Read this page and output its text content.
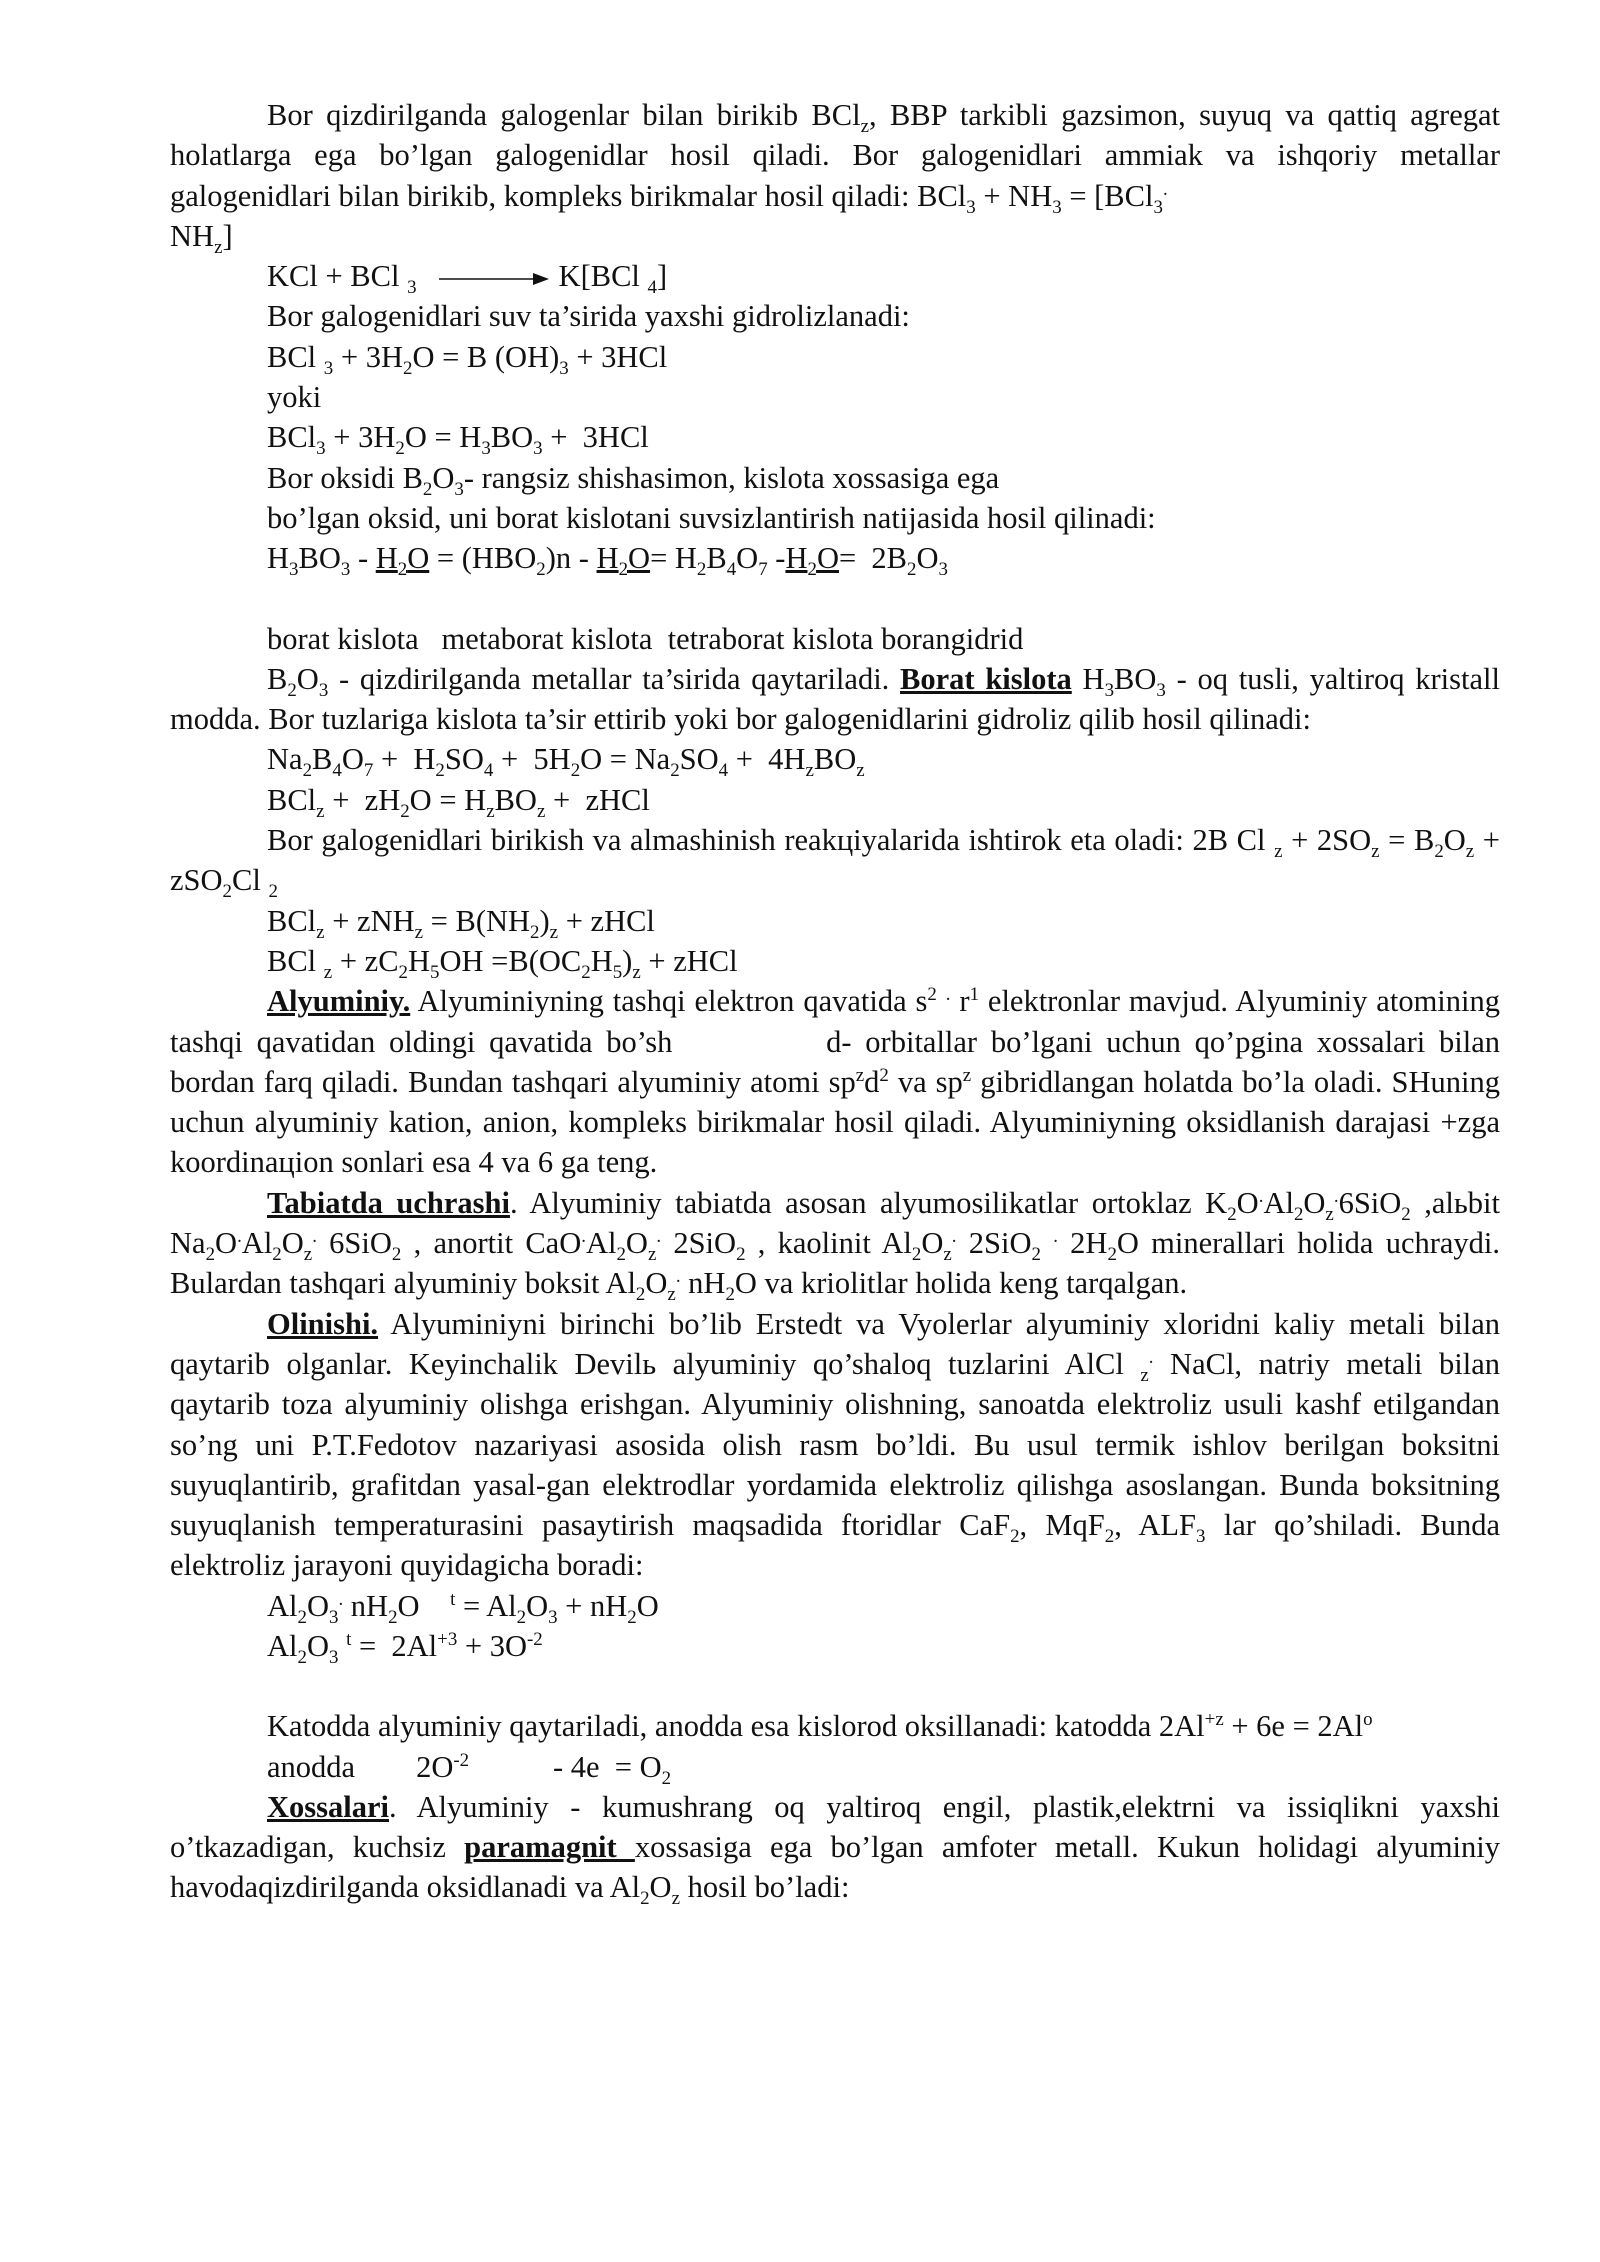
Bor qizdirilganda galogenlar bilan birikib BCl$_z$, BBP tarkibli gazsimon, suyuq va qattiq agregat holatlarga ega bo’lgan galogenidlar hosil qiladi. Bor galogenidlari ammiak va ishqoriy metallar galogenidlari bilan birikib, kompleks birikmalar hosil qiladi: $BCl_3 + NH_3 = [BCl_3^.$
$NH_z$]

KCl + BCl $_3$ → K[BCl $_4$]

Bor galogenidlari suv ta’sirida yaxshi gidrolizlanadi:

BCl $_3 + 3H_2O = B$ $(OH)_3 + 3HCl$

yoki

$BCl_3 + 3H_2O = H_3BO_3 + 3HCl$

Bor oksidi $B_2O_3-$ rangsiz shishasimon, kislota xossasiga ega

bo’lgan oksid, uni borat kislotani suvsizlantirish natijasida hosil qilinadi:

$H_3BO_3 - H_2O = (HBO_2)n - H_2O= H_2B_4O_7$ $-H_2O= 2B_2O_3$

borat kislota   metaborat kislota  tetraborat kislota borangidrid

$B_2O_3$ - qizdirilganda metallar ta’sirida qaytariladi. Borat kislota $H_3BO_3$ - oq tusli, yaltiroq kristall modda. Bor tuzlariga kislota ta’sir ettirib yoki bor galogenidlarini gidroliz qilib hosil qilinadi:

$Na_2B_4O_7 + H_2SO_4 + 5H_2O = Na_2SO_4 + 4H_zBO_z$

$BCl_z + zH_2O = H_zBO_z$ +  zHCl

Bor galogenidlari birikish va almashinish reakцiyalarida ishtirok eta oladi: 2B Cl $_z + 2SO_z = B_2O_z + zSO_2Cl$ $_2$

$BCl_z + zNH_z = B(NH_2)_z$ + zHCl

BCl $_z + zC_2H_5OH =B(OC_2H_5)_z$ + zHCl

Alyuminiy. Alyuminiyning tashqi elektron qavatida $s^2$ . $r^1$ elektronlar mavjud. Alyuminiy atomining tashqi qavatidan oldingi qavatida bo’sh	d- orbitallar bo’lgani uchun qo’pgina xossalari bilan bordan farq qiladi. Bundan tashqari alyuminiy atomi $sp^zd^2$ va $sp^z$ gibridlangan holatda bo’la oladi. SHuning uchun alyuminiy kation, anion, kompleks birikmalar hosil qiladi. Alyuminiyning oksidlanish darajasi +zga koordinaцion sonlari esa 4 va 6 ga teng.

Tabiatda uchrashi. Alyuminiy tabiatda asosan alyumosilikatlar ortoklaz $K_2O^.Al_2O_z^.6SiO_2$ ,alьbit $Na_2O^.Al_2O_z^.$ 6SiO$_2$ , anortit $CaO^.Al_2O_z^.$ 2SiO$_2$ , kaolinit $Al_2O_z^.$ 2SiO$_2$ . $2H_2O$ minerallari holida uchraydi. Bulardan tashqari alyuminiy boksit $Al_2O_z^.$ $nH_2O$ va kriolitlar holida keng tarqalgan.

Olinishi. Alyuminiyni birinchi bo’lib Erstedt va Vyolerlar alyuminiy xloridni kaliy metali bilan qaytarib olganlar. Keyinchalik Devilь alyuminiy qo’shaloq tuzlarini AlCl $_z$. NaCl, natriy metali bilan qaytarib toza alyuminiy olishga erishgan. Alyuminiy olishning, sanoatda elektroliz usuli kashf etilgandan so’ng uni P.T.Fedotov nazariyasi asosida olish rasm bo’ldi. Bu usul termik ishlov berilgan boksitni suyuqlantirib, grafitdan yasal-gan elektrodlar yordamida elektroliz qilishga asoslangan. Bunda boksitning suyuqlanish temperaturasini pasaytirish maqsadida ftoridlar CaF$_2$, MqF$_2$, $ALF_3$ lar qo’shiladi. Bunda elektroliz jarayoni quyidagicha boradi:

$Al_2O_3^.$ $nH_2O$    $^t = Al_2O_3 + nH_2O$

$Al_2O_3$ $^t = 2Al^{+3} + 3O^{-2}$

Katodda alyuminiy qaytariladi, anodda esa kislorod oksillanadi: katodda $2Al^{+z} + 6e = 2Al^o$

anodda $2O^{-2}$	- $4e = O_2$

Xossalari. Alyuminiy - kumushrang oq yaltiroq engil, plastik,elektrni va issiqlikni yaxshi o’tkazadigan, kuchsiz paramagnit xossasiga ega bo’lgan amfoter metall. Kukun holidagi alyuminiy havodaqizdirilganda oksidlanadi va $Al_2O_z$ hosil bo’ladi:
